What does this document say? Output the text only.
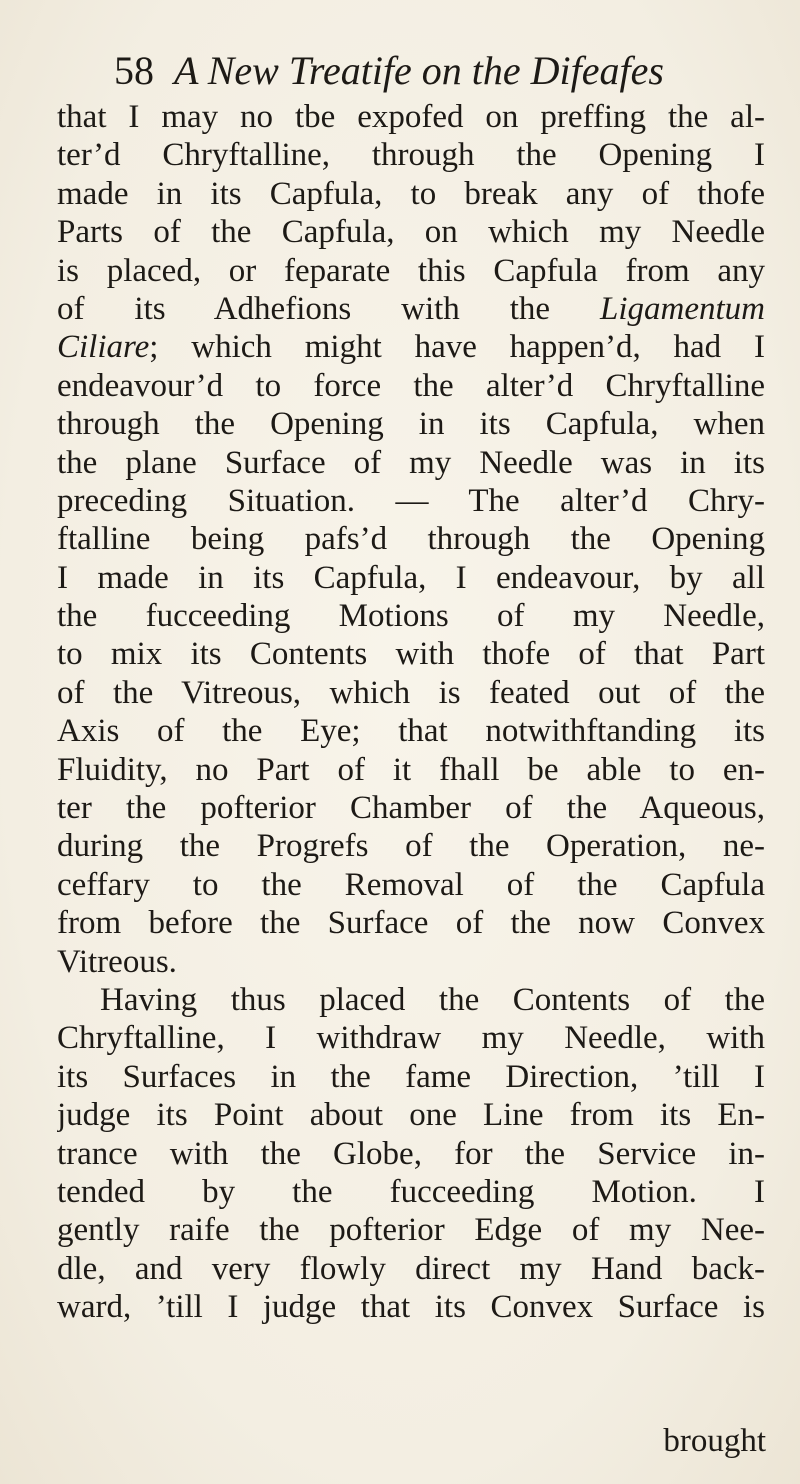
58 A New Treatife on the Difeafes
that I may no tbe expofed on preffing the al-
ter’d Chryftalline, through the Opening I
made in its Capfula, to break any of thofe
Parts of the Capfula, on which my Needle
is placed, or feparate this Capfula from any
of its Adhefions with the Ligamentum
Ciliare; which might have happen’d, had I
endeavour’d to force the alter’d Chryftalline
through the Opening in its Capfula, when
the plane Surface of my Needle was in its
preceding Situation. — The alter’d Chry-
ftalline being pafs’d through the Opening
I made in its Capfula, I endeavour, by all
the fucceeding Motions of my Needle,
to mix its Contents with thofe of that Part
of the Vitreous, which is feated out of the
Axis of the Eye; that notwithftanding its
Fluidity, no Part of it fhall be able to en-
ter the pofterior Chamber of the Aqueous,
during the Progrefs of the Operation, ne-
ceffary to the Removal of the Capfula
from before the Surface of the now Convex
Vitreous.
Having thus placed the Contents of the
Chryftalline, I withdraw my Needle, with
its Surfaces in the fame Direction, ’till I
judge its Point about one Line from its En-
trance with the Globe, for the Service in-
tended by the fucceeding Motion. I
gently raife the pofterior Edge of my Nee-
dle, and very flowly direct my Hand back-
ward, ’till I judge that its Convex Surface is
brought
